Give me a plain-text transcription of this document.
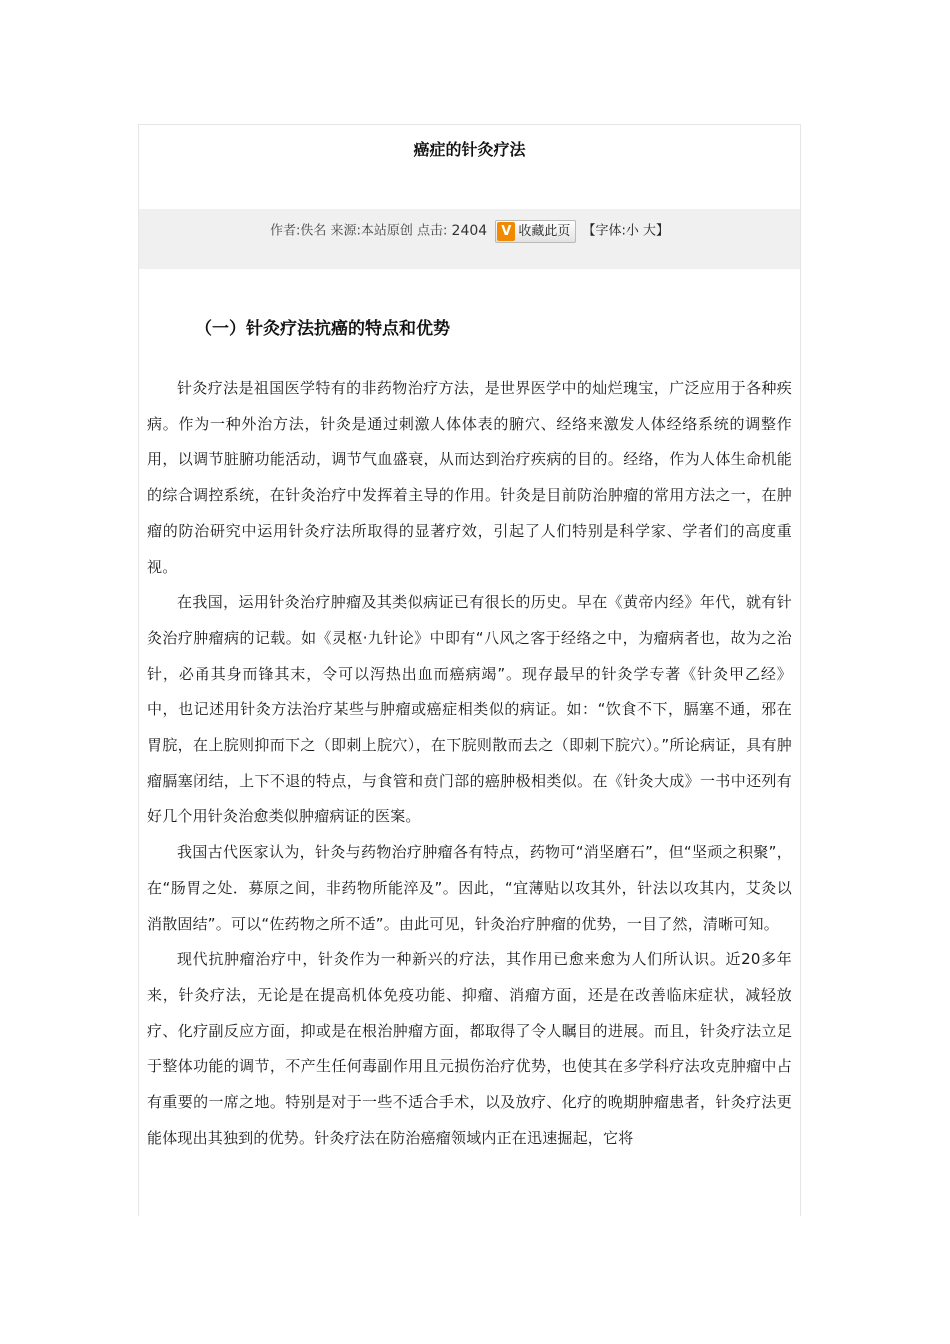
癌症的针灸疗法
作者:佚名 来源:本站原创 点击: 2404 V 收藏此页 【字体:小 大】
（一）针灸疗法抗癌的特点和优势

针灸疗法是祖国医学特有的非药物治疗方法，是世界医学中的灿烂瑰宝，广泛应用于各种疾病。作为一种外治方法，针灸是通过刺激人体体表的腑穴、经络来激发人体经络系统的调整作用，以调节脏腑功能活动，调节气血盛衰，从而达到治疗疾病的目的。经络，作为人体生命机能的综合调控系统，在针灸治疗中发挥着主导的作用。针灸是目前防治肿瘤的常用方法之一，在肿瘤的防治研究中运用针灸疗法所取得的显著疗效，引起了人们特别是科学家、学者们的高度重视。

在我国，运用针灸治疗肿瘤及其类似病证已有很长的历史。早在《黄帝内经》年代，就有针灸治疗肿瘤病的记载。如《灵枢·九针论》中即有“八风之客于经络之中，为瘤病者也，故为之治针，必甬其身而锋其末，令可以泻热出血而癌病竭”。现存最早的针灸学专著《针灸甲乙经》中，也记述用针灸方法治疗某些与肿瘤或癌症相类似的病证。如：“饮食不下，膈塞不通，邪在胃脘，在上脘则抑而下之（即刺上脘穴），在下脘则散而去之（即刺下脘穴）。”所论病证，具有肿瘤膈塞闭结，上下不退的特点，与食管和贲门部的癌肿极相类似。在《针灸大成》一书中还列有好几个用针灸治愈类似肿瘤病证的医案。

我国古代医家认为，针灸与药物治疗肿瘤各有特点，药物可“消坚磨石”，但“坚顽之积聚”，在“肠胃之处．募原之间，非药物所能淬及”。因此，“宜薄贴以攻其外，针法以攻其内，艾灸以消散固结”。可以“佐药物之所不适”。由此可见，针灸治疗肿瘤的优势，一目了然，清晰可知。

现代抗肿瘤治疗中，针灸作为一种新兴的疗法，其作用已愈来愈为人们所认识。近20多年来，针灸疗法，无论是在提高机体免疫功能、抑瘤、消瘤方面，还是在改善临床症状，减轻放疗、化疗副反应方面，抑或是在根治肿瘤方面，都取得了令人瞩目的进展。而且，针灸疗法立足于整体功能的调节，不产生任何毒副作用且元损伤治疗优势，也使其在多学科疗法攻克肿瘤中占有重要的一席之地。特别是对于一些不适合手术，以及放疗、化疗的晚期肿瘤患者，针灸疗法更能体现出其独到的优势。针灸疗法在防治癌瘤领域内正在迅速掘起，它将
